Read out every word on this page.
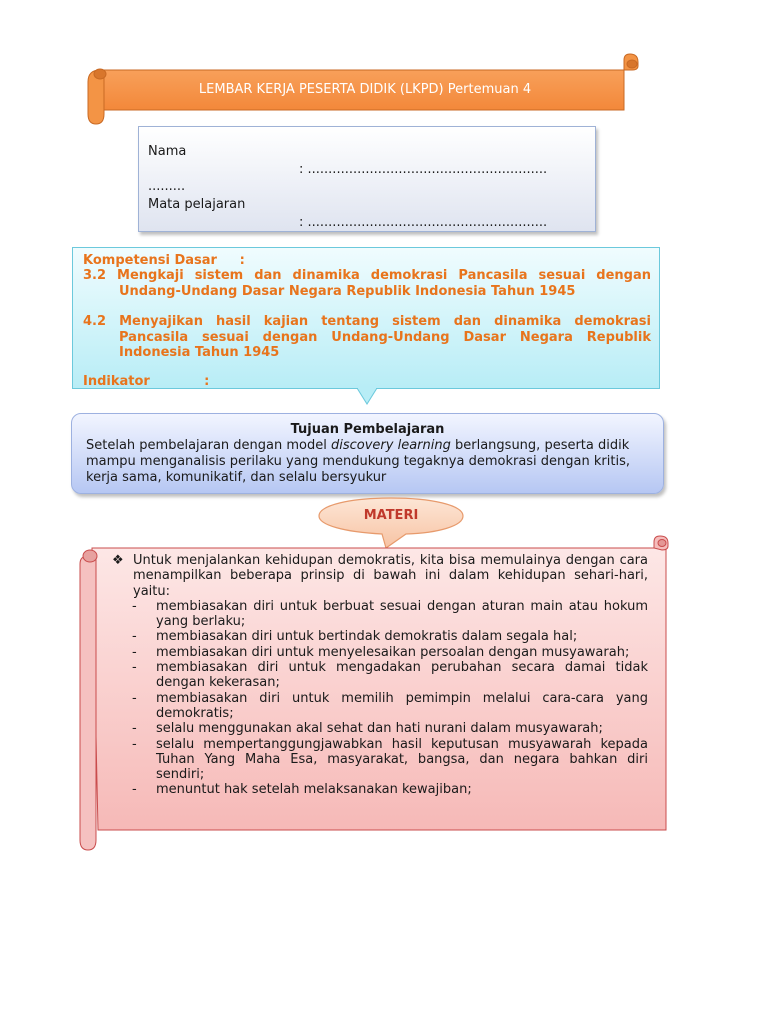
LEMBAR KERJA PESERTA DIDIK (LKPD) Pertemuan 4
Nama
: ..........................................................
.........
Mata pelajaran
: ..........................................................
Kompetensi Dasar     :
3.2 Mengkaji sistem dan dinamika demokrasi Pancasila sesuai dengan Undang-Undang Dasar Negara Republik Indonesia Tahun 1945
4.2 Menyajikan hasil kajian tentang sistem dan dinamika demokrasi Pancasila sesuai dengan Undang-Undang Dasar Negara Republik Indonesia Tahun 1945
Indikator            :
Tujuan Pembelajaran
Setelah pembelajaran dengan model discovery learning berlangsung, peserta didik mampu menganalisis perilaku yang mendukung tegaknya demokrasi dengan kritis, kerja sama, komunikatif, dan selalu bersyukur
MATERI
❖ Untuk menjalankan kehidupan demokratis, kita bisa memulainya dengan cara menampilkan beberapa prinsip di bawah ini dalam kehidupan sehari-hari, yaitu:
- membiasakan diri untuk berbuat sesuai dengan aturan main atau hokum yang berlaku;
- membiasakan diri untuk bertindak demokratis dalam segala hal;
- membiasakan diri untuk menyelesaikan persoalan dengan musyawarah;
- membiasakan diri untuk mengadakan perubahan secara damai tidak dengan kekerasan;
- membiasakan diri untuk memilih pemimpin melalui cara-cara yang demokratis;
- selalu menggunakan akal sehat dan hati nurani dalam musyawarah;
- selalu mempertanggungjawabkan hasil keputusan musyawarah kepada Tuhan Yang Maha Esa, masyarakat, bangsa, dan negara bahkan diri sendiri;
- menuntut hak setelah melaksanakan kewajiban;
